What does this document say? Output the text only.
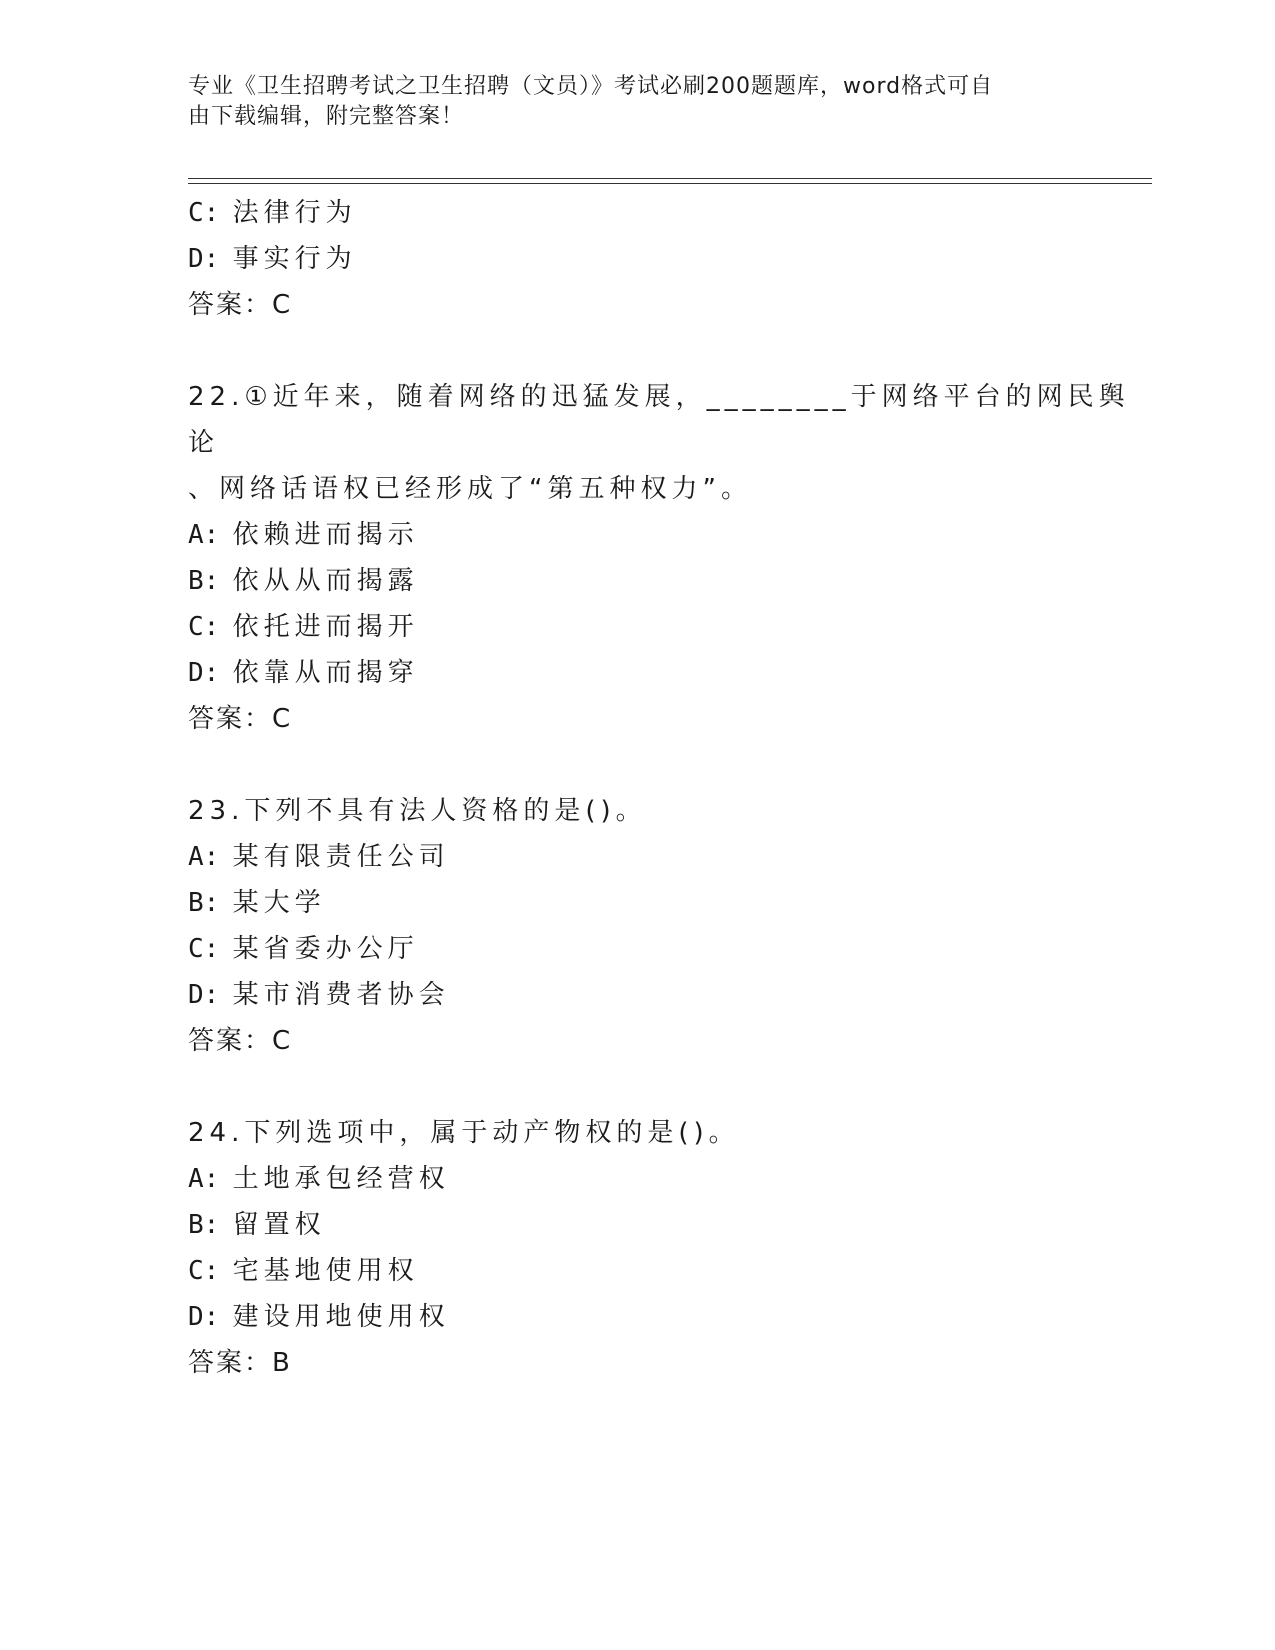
专业《卫生招聘考试之卫生招聘（文员）》考试必刷200题题库，word格式可自
由下载编辑，附完整答案！
C: 法律行为
D: 事实行为
答案：C
22.①近年来，随着网络的迅猛发展，________于网络平台的网民舆论
、网络话语权已经形成了“第五种权力”。
A: 依赖进而揭示
B: 依从从而揭露
C: 依托进而揭开
D: 依靠从而揭穿
答案：C
23.下列不具有法人资格的是()。
A: 某有限责任公司
B: 某大学
C: 某省委办公厅
D: 某市消费者协会
答案：C
24.下列选项中，属于动产物权的是()。
A: 土地承包经营权
B: 留置权
C: 宅基地使用权
D: 建设用地使用权
答案：B
